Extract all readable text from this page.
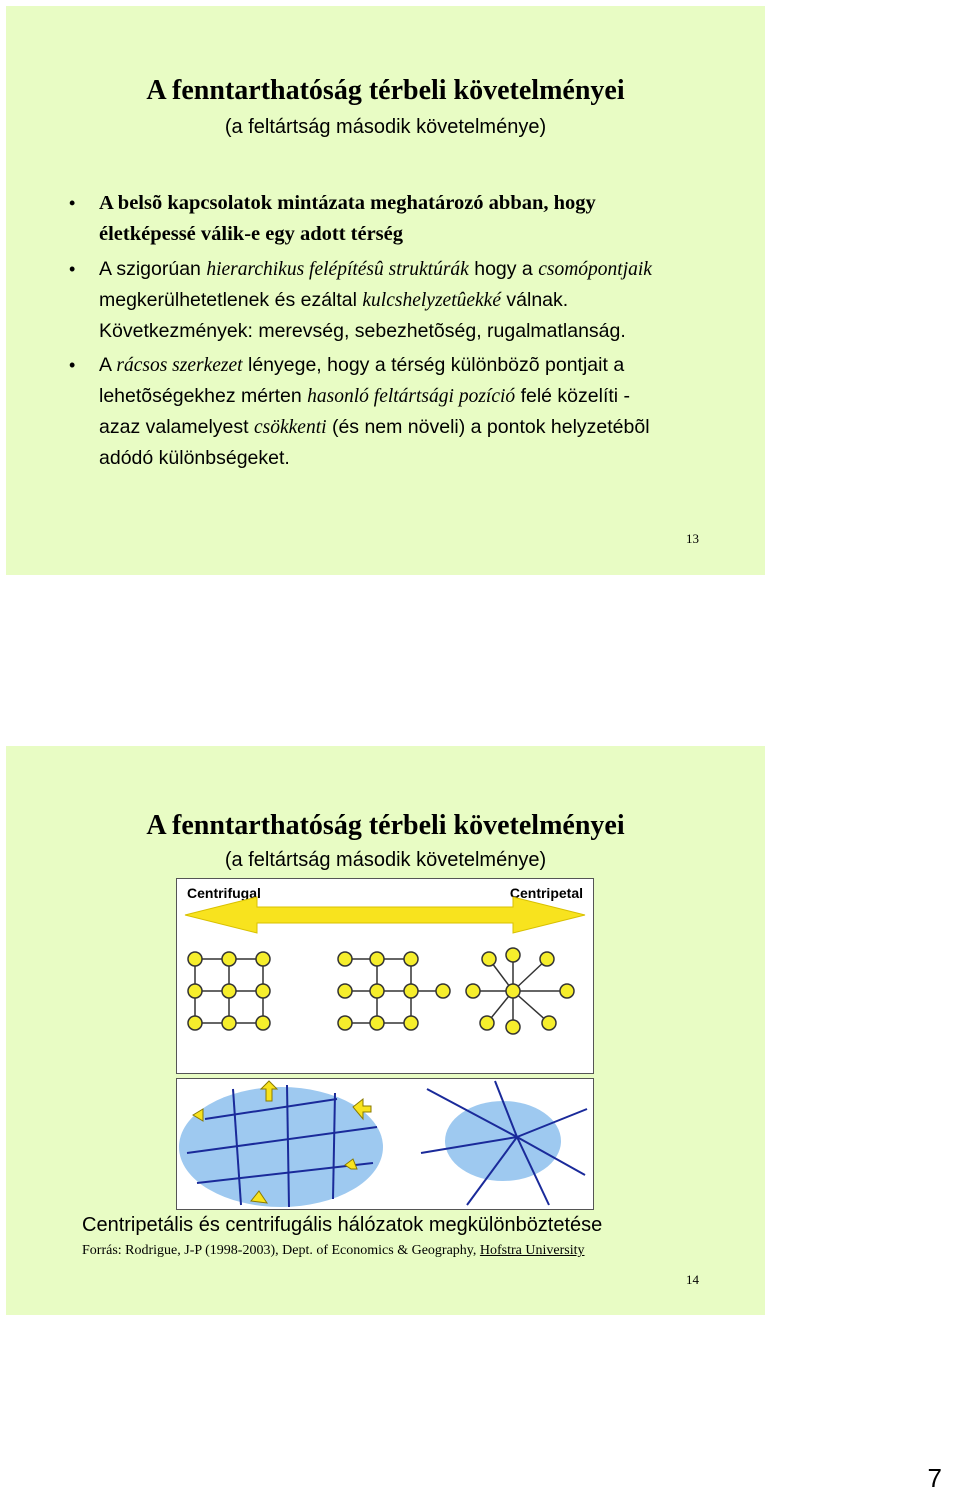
A fenntarthatóság térbeli követelményei
(a feltártság második követelménye)
• A belsõ kapcsolatok mintázata meghatározó abban, hogy életképessé válik-e egy adott térség
• A szigorúan hierarchikus felépítésû struktúrák hogy a csomópontjaik megkerülhetetlenek és ezáltal kulcshelyzetûekké válnak. Következmények: merevség, sebezhetõség, rugalmatlanság.
• A rácsos szerkezet lényege, hogy a térség különbözõ pontjait a lehetõségekhez mérten hasonló feltártsági pozíció felé közelíti - azaz valamelyest csökkenti (és nem növeli) a pontok helyzetébõl adódó különbségeket.
13
A fenntarthatóság térbeli követelményei
(a feltártság második követelménye)
Centrifugal	Centripetal
Centripetális és centrifugális hálózatok megkülönböztetése
Forrás: Rodrigue, J-P (1998-2003), Dept. of Economics & Geography, Hofstra University
14
7
